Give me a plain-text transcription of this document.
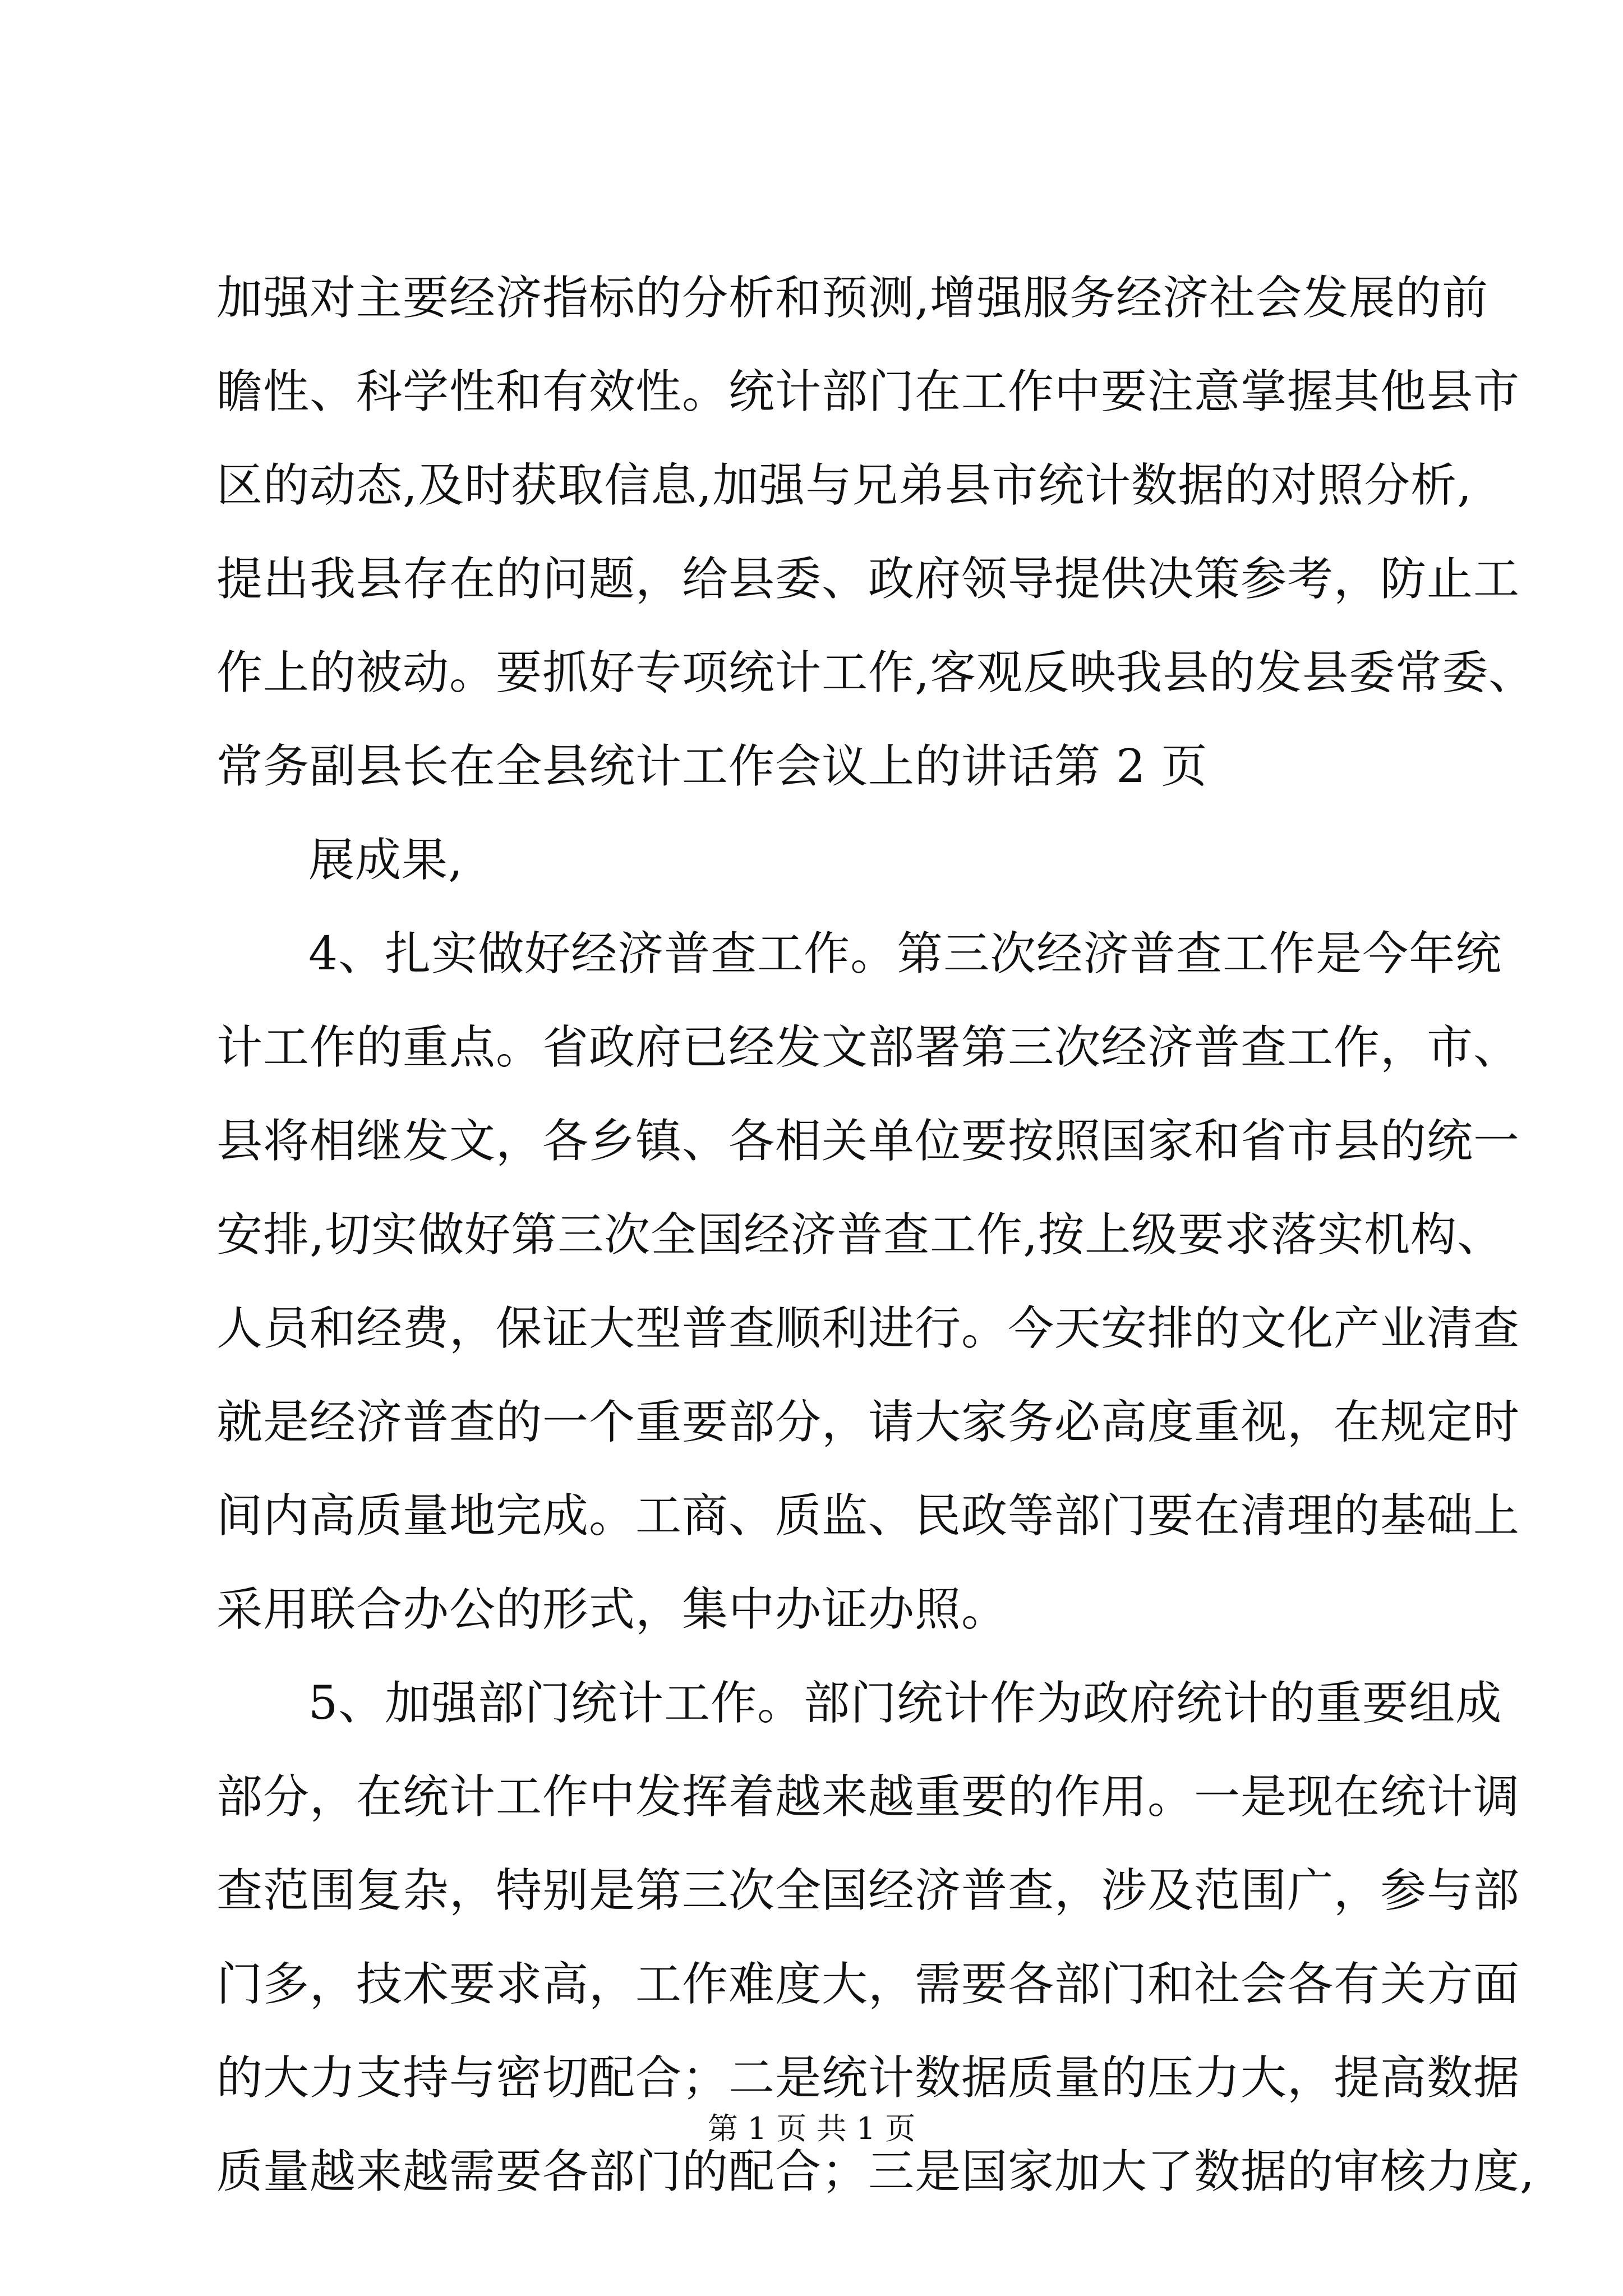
加强对主要经济指标的分析和预测,增强服务经济社会发展的前
瞻性、科学性和有效性。统计部门在工作中要注意掌握其他县市
区的动态,及时获取信息,加强与兄弟县市统计数据的对照分析,
提出我县存在的问题，给县委、政府领导提供决策参考，防止工
作上的被动。要抓好专项统计工作,客观反映我县的发县委常委、
常务副县长在全县统计工作会议上的讲话第 2 页
展成果,
4、扎实做好经济普查工作。第三次经济普查工作是今年统
计工作的重点。省政府已经发文部署第三次经济普查工作，市、
县将相继发文，各乡镇、各相关单位要按照国家和省市县的统一
安排,切实做好第三次全国经济普查工作,按上级要求落实机构、
人员和经费，保证大型普查顺利进行。今天安排的文化产业清查
就是经济普查的一个重要部分，请大家务必高度重视，在规定时
间内高质量地完成。工商、质监、民政等部门要在清理的基础上
采用联合办公的形式，集中办证办照。
5、加强部门统计工作。部门统计作为政府统计的重要组成
部分，在统计工作中发挥着越来越重要的作用。一是现在统计调
查范围复杂，特别是第三次全国经济普查，涉及范围广，参与部
门多，技术要求高，工作难度大，需要各部门和社会各有关方面
的大力支持与密切配合；二是统计数据质量的压力大，提高数据
质量越来越需要各部门的配合；三是国家加大了数据的审核力度,
第 1 页 共 1 页
